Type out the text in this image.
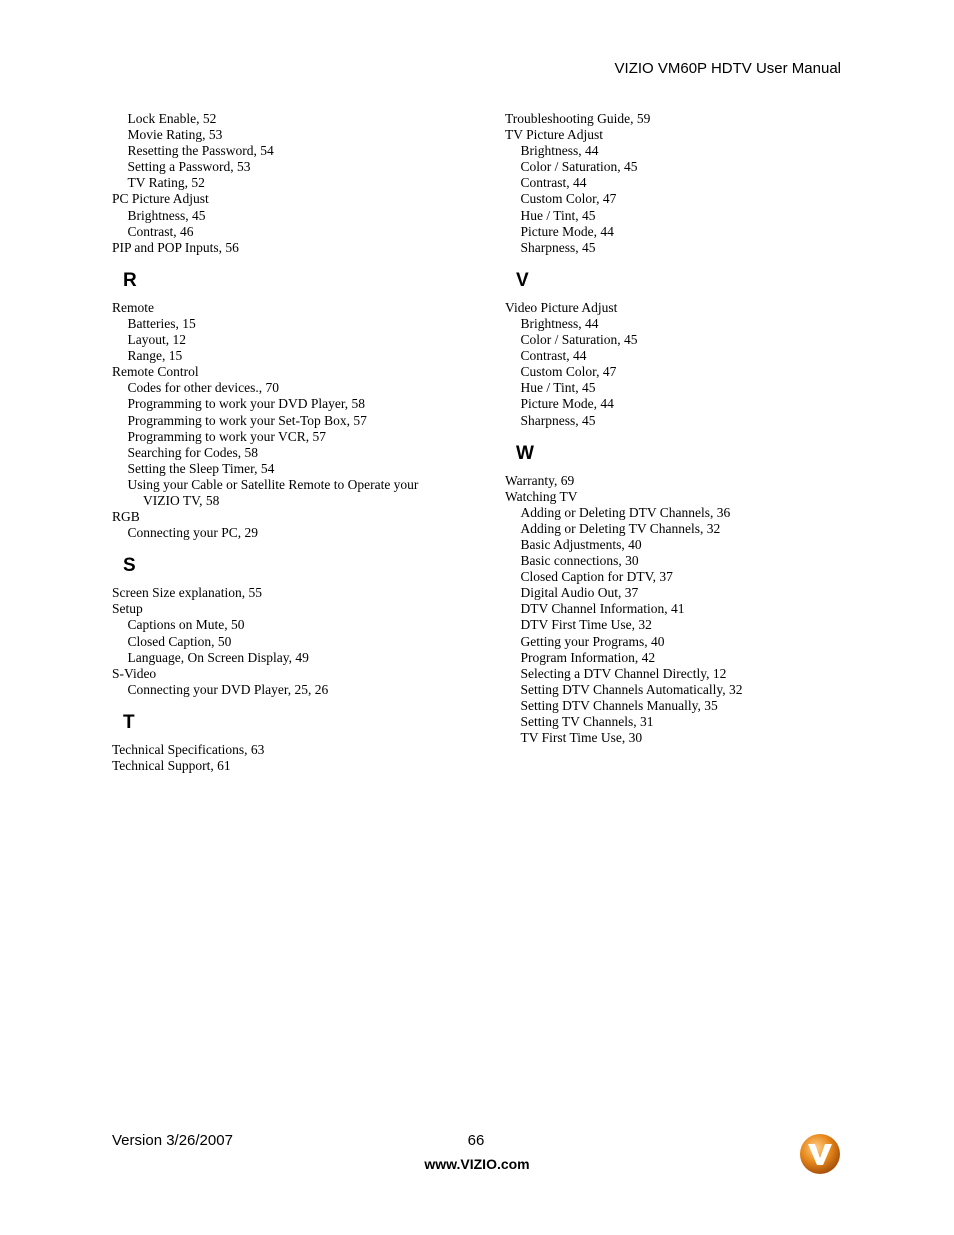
VIZIO VM60P HDTV User Manual
Lock Enable, 52
Movie Rating, 53
Resetting the Password, 54
Setting a Password, 53
TV Rating, 52
PC Picture Adjust
Brightness, 45
Contrast, 46
PIP and POP Inputs, 56
R
Remote
Batteries, 15
Layout, 12
Range, 15
Remote Control
Codes for other devices., 70
Programming to work your DVD Player, 58
Programming to work your Set-Top Box, 57
Programming to work your VCR, 57
Searching for Codes, 58
Setting the Sleep Timer, 54
Using your Cable or Satellite Remote to Operate your
VIZIO TV, 58
RGB
Connecting your PC, 29
S
Screen Size explanation, 55
Setup
Captions on Mute, 50
Closed Caption, 50
Language, On Screen Display, 49
S-Video
Connecting your DVD Player, 25, 26
T
Technical Specifications, 63
Technical Support, 61
Troubleshooting Guide, 59
TV Picture Adjust
Brightness, 44
Color / Saturation, 45
Contrast, 44
Custom Color, 47
Hue / Tint, 45
Picture Mode, 44
Sharpness, 45
V
Video Picture Adjust
Brightness, 44
Color / Saturation, 45
Contrast, 44
Custom Color, 47
Hue / Tint, 45
Picture Mode, 44
Sharpness, 45
W
Warranty, 69
Watching TV
Adding or Deleting DTV Channels, 36
Adding or Deleting TV Channels, 32
Basic Adjustments, 40
Basic connections, 30
Closed Caption for DTV, 37
Digital Audio Out, 37
DTV Channel Information, 41
DTV First Time Use, 32
Getting your Programs, 40
Program Information, 42
Selecting a DTV Channel Directly, 12
Setting DTV Channels Automatically, 32
Setting DTV Channels Manually, 35
Setting TV Channels, 31
TV First Time Use, 30
Version 3/26/2007	66
www.VIZIO.com
